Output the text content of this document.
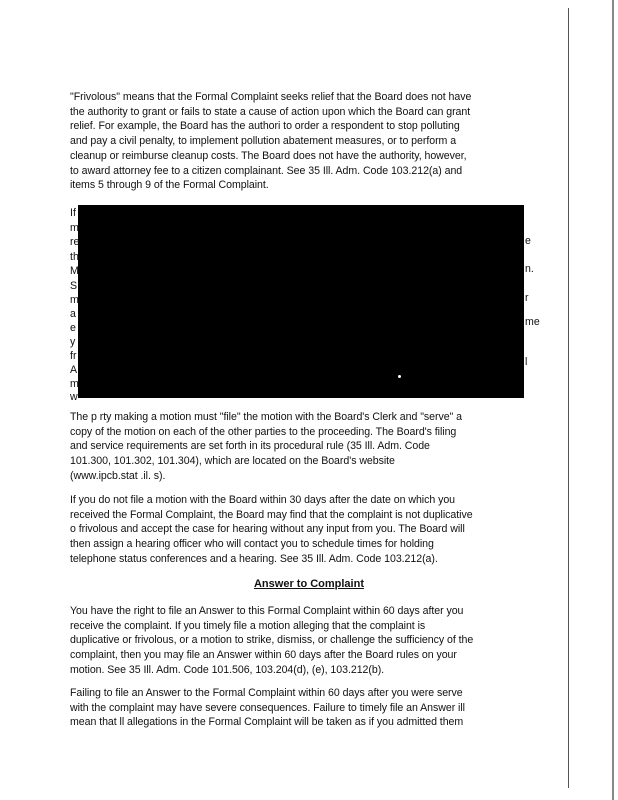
"Frivolous" means that the Formal Complaint seeks relief that the Board does not have
the authority to grant or fails to state a cause of action upon which the Board can grant
relief. For example, the Board has the authori to order a respondent to stop polluting
and pay a civil penalty, to implement pollution abatement measures, or to perform a
cleanup or reimburse cleanup costs. The Board does not have the authority, however,
to award attorney fee to a citizen complainant. See 35 Ill. Adm. Code 103.212(a) and
items 5 through 9 of the Formal Complaint.

If
m
re
th
M
S
m
a
e
y
fr
A
m
w
e
n.
r
me
l

The p rty making a motion must "file" the motion with the Board's Clerk and "serve" a
copy of the motion on each of the other parties to the proceeding. The Board's filing
and service requirements are set forth in its procedural rule (35 Ill. Adm. Code
101.300, 101.302, 101.304), which are located on the Board's website
(www.ipcb.stat .il. s).

If you do not file a motion with the Board within 30 days after the date on which you
received the Formal Complaint, the Board may find that the complaint is not duplicative
o frivolous and accept the case for hearing without any input from you. The Board will
then assign a hearing officer who will contact you to schedule times for holding
telephone status conferences and a hearing. See 35 Ill. Adm. Code 103.212(a).

Answer to Complaint

You have the right to file an Answer to this Formal Complaint within 60 days after you
receive the complaint. If you timely file a motion alleging that the complaint is
duplicative or frivolous, or a motion to strike, dismiss, or challenge the sufficiency of the
complaint, then you may file an Answer within 60 days after the Board rules on your
motion. See 35 Ill. Adm. Code 101.506, 103.204(d), (e), 103.212(b).

Failing to file an Answer to the Formal Complaint within 60 days after you were serve
with the complaint may have severe consequences. Failure to timely file an Answer ill
mean that ll allegations in the Formal Complaint will be taken as if you admitted them
